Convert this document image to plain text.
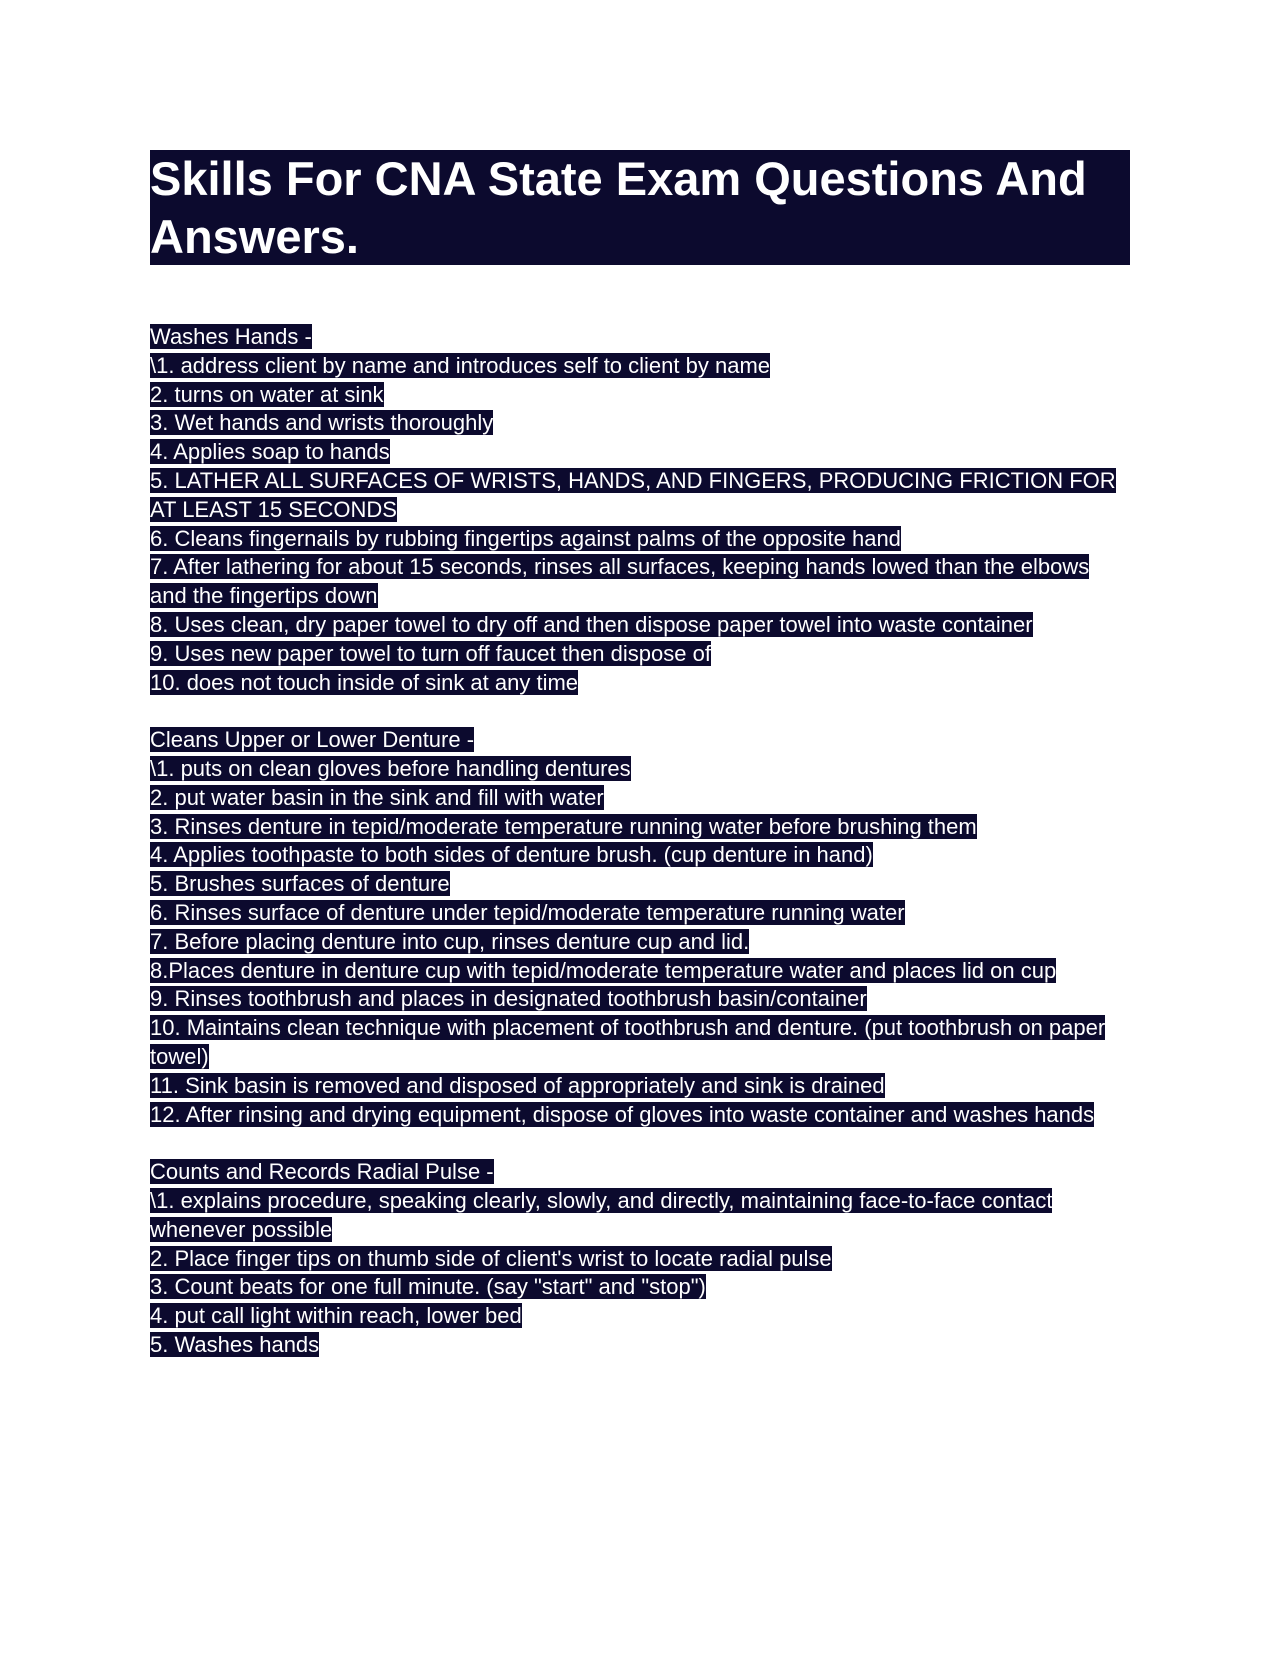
Skills For CNA State Exam Questions And Answers.
Washes Hands -
\1. address client by name and introduces self to client by name
2. turns on water at sink
3. Wet hands and wrists thoroughly
4. Applies soap to hands
5. LATHER ALL SURFACES OF WRISTS, HANDS, AND FINGERS, PRODUCING FRICTION FOR AT LEAST 15 SECONDS
6. Cleans fingernails by rubbing fingertips against palms of the opposite hand
7. After lathering for about 15 seconds, rinses all surfaces, keeping hands lowed than the elbows and the fingertips down
8. Uses clean, dry paper towel to dry off and then dispose paper towel into waste container
9. Uses new paper towel to turn off faucet then dispose of
10. does not touch inside of sink at any time
Cleans Upper or Lower Denture -
\1. puts on clean gloves before handling dentures
2. put water basin in the sink and fill with water
3. Rinses denture in tepid/moderate temperature running water before brushing them
4. Applies toothpaste to both sides of denture brush. (cup denture in hand)
5. Brushes surfaces of denture
6. Rinses surface of denture under tepid/moderate temperature running water
7. Before placing denture into cup, rinses denture cup and lid.
8.Places denture in denture cup with tepid/moderate temperature water and places lid on cup
9. Rinses toothbrush and places in designated toothbrush basin/container
10. Maintains clean technique with placement of toothbrush and denture. (put toothbrush on paper towel)
11. Sink basin is removed and disposed of appropriately and sink is drained
12. After rinsing and drying equipment, dispose of gloves into waste container and washes hands
Counts and Records Radial Pulse -
\1. explains procedure, speaking clearly, slowly, and directly, maintaining face-to-face contact whenever possible
2. Place finger tips on thumb side of client's wrist to locate radial pulse
3. Count beats for one full minute. (say "start" and "stop")
4. put call light within reach, lower bed
5. Washes hands
